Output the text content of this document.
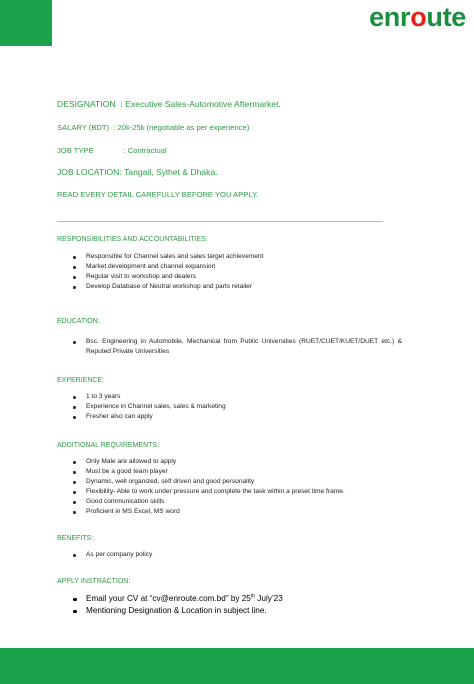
enroute

DESIGNATION : Executive Sales-Automotive Aftermarket.

SALARY (BDT) : 20k-25k (negotiable as per experience)

JOB TYPE	: Contractual

JOB LOCATION: Tangail, Sylhet & Dhaka.

READ EVERY DETAIL CAREFULLY BEFORE YOU APPLY.

RESPONSIBILITIES AND ACCOUNTABILITIES:

Responsible for Channel sales and sales target achievement
Market development and channel expansion
Regular visit to workshop and dealers
Develop Database of Neutral workshop and parts retailer

EDUCATION:

Bsc. Engineering in Automobile, Mechanical from Public Universities (RUET/CUET/KUET/DUET etc.) & Reputed Private Universities

EXPERIENCE:

1 to 3 years
Experience in Channel sales, sales & marketing
Fresher also can apply

ADDITIONAL REQUIREMENTS:

Only Male are allowed to apply
Must be a good team player
Dynamic, well organized, self driven and good personality
Flexibility- Able to work under pressure and complete the task within a preset time frame.
Good communication skills
Proficient in MS Excel, MS word

BENEFITS:

As per company policy

APPLY INSTRACTION:

Email your CV at “cv@enroute.com.bd” by 25th July’23
Mentioning Designation & Location in subject line.
